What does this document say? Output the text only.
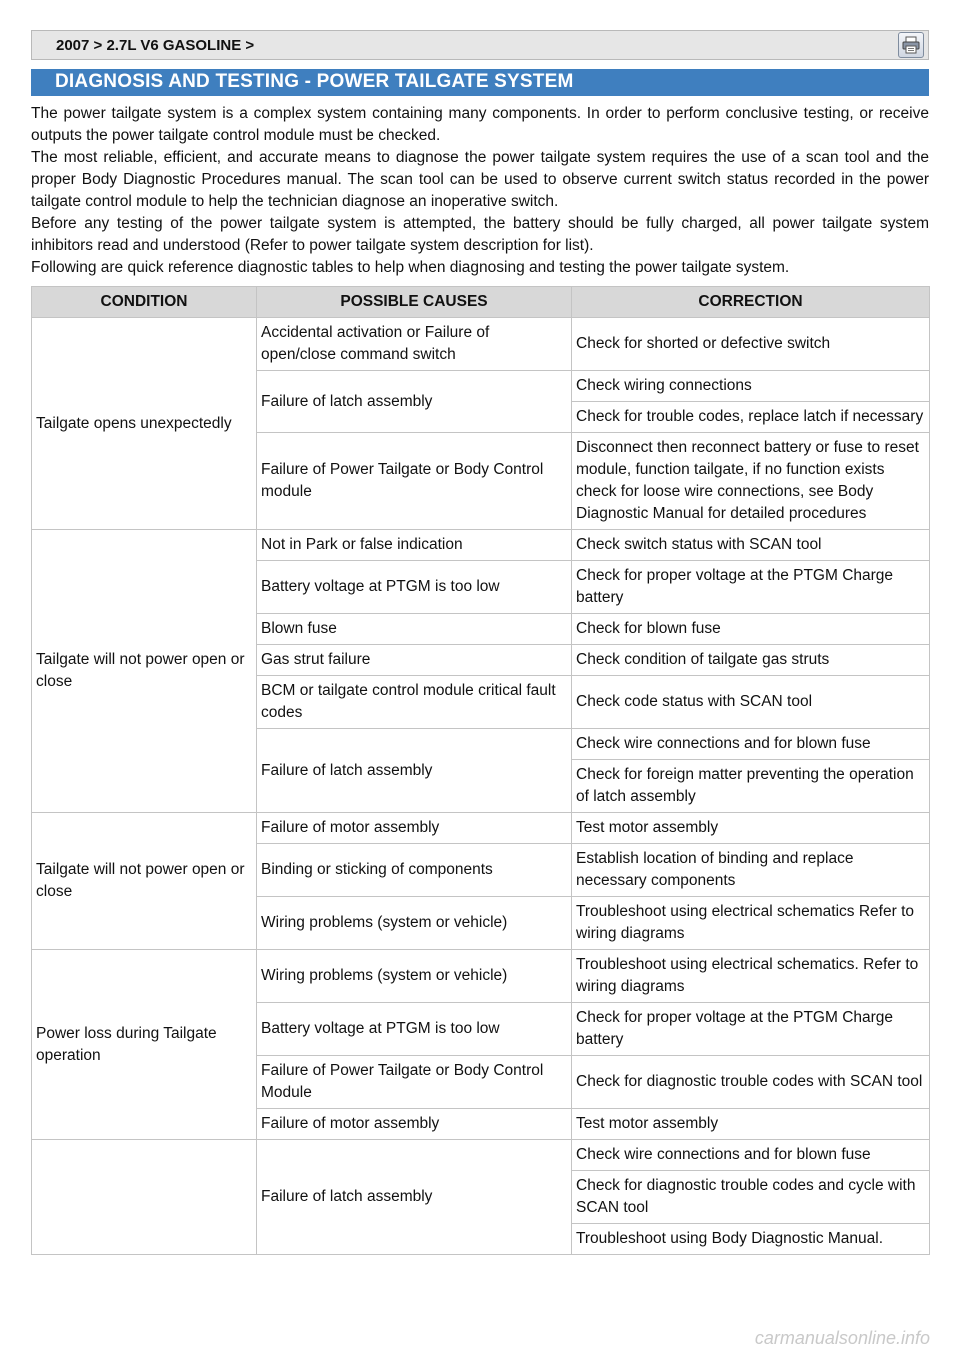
2007 > 2.7L V6 GASOLINE >
DIAGNOSIS AND TESTING - POWER TAILGATE SYSTEM

The power tailgate system is a complex system containing many components. In order to perform conclusive testing, or receive outputs the power tailgate control module must be checked.

The most reliable, efficient, and accurate means to diagnose the power tailgate system requires the use of a scan tool and the proper Body Diagnostic Procedures manual. The scan tool can be used to observe current switch status recorded in the power tailgate control module to help the technician diagnose an inoperative switch.

Before any testing of the power tailgate system is attempted, the battery should be fully charged, all power tailgate system inhibitors read and understood (Refer to power tailgate system description for list).

Following are quick reference diagnostic tables to help when diagnosing and testing the power tailgate system.

CONDITION	POSSIBLE CAUSES	CORRECTION
Tailgate opens unexpectedly	Accidental activation or Failure of open/close command switch	Check for shorted or defective switch
	Failure of latch assembly	Check wiring connections
		Check for trouble codes, replace latch if necessary
	Failure of Power Tailgate or Body Control module	Disconnect then reconnect battery or fuse to reset module, function tailgate, if no function exists check for loose wire connections, see Body Diagnostic Manual for detailed procedures
Tailgate will not power open or close	Not in Park or false indication	Check switch status with SCAN tool
	Battery voltage at PTGM is too low	Check for proper voltage at the PTGM Charge battery
	Blown fuse	Check for blown fuse
	Gas strut failure	Check condition of tailgate gas struts
	BCM or tailgate control module critical fault codes	Check code status with SCAN tool
	Failure of latch assembly	Check wire connections and for blown fuse
		Check for foreign matter preventing the operation of latch assembly
Tailgate will not power open or close	Failure of motor assembly	Test motor assembly
	Binding or sticking of components	Establish location of binding and replace necessary components
	Wiring problems (system or vehicle)	Troubleshoot using electrical schematics Refer to wiring diagrams
Power loss during Tailgate operation	Wiring problems (system or vehicle)	Troubleshoot using electrical schematics. Refer to wiring diagrams
	Battery voltage at PTGM is too low	Check for proper voltage at the PTGM Charge battery
	Failure of Power Tailgate or Body Control Module	Check for diagnostic trouble codes with SCAN tool
	Failure of motor assembly	Test motor assembly
	Failure of latch assembly	Check wire connections and for blown fuse
		Check for diagnostic trouble codes and cycle with SCAN tool
		Troubleshoot using Body Diagnostic Manual.
carmanualsonline.info
